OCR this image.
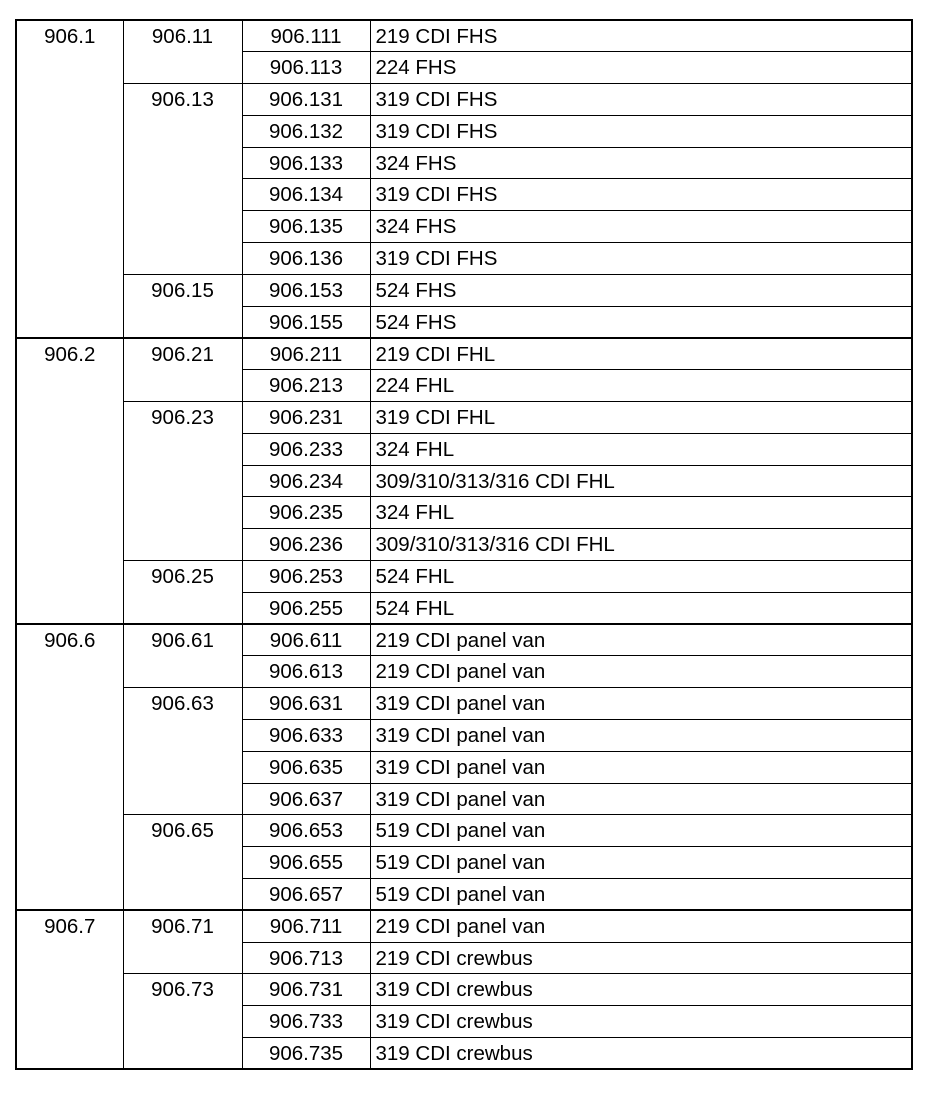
906.1	906.11	906.111	219 CDI FHS
		906.113	224 FHS
	906.13	906.131	319 CDI FHS
		906.132	319 CDI FHS
		906.133	324 FHS
		906.134	319 CDI FHS
		906.135	324 FHS
		906.136	319 CDI FHS
	906.15	906.153	524 FHS
		906.155	524 FHS
906.2	906.21	906.211	219 CDI FHL
		906.213	224 FHL
	906.23	906.231	319 CDI FHL
		906.233	324 FHL
		906.234	309/310/313/316 CDI FHL
		906.235	324 FHL
		906.236	309/310/313/316 CDI FHL
	906.25	906.253	524 FHL
		906.255	524 FHL
906.6	906.61	906.611	219 CDI panel van
		906.613	219 CDI panel van
	906.63	906.631	319 CDI panel van
		906.633	319 CDI panel van
		906.635	319 CDI panel van
		906.637	319 CDI panel van
	906.65	906.653	519 CDI panel van
		906.655	519 CDI panel van
		906.657	519 CDI panel van
906.7	906.71	906.711	219 CDI panel van
		906.713	219 CDI crewbus
	906.73	906.731	319 CDI crewbus
		906.733	319 CDI crewbus
		906.735	319 CDI crewbus
